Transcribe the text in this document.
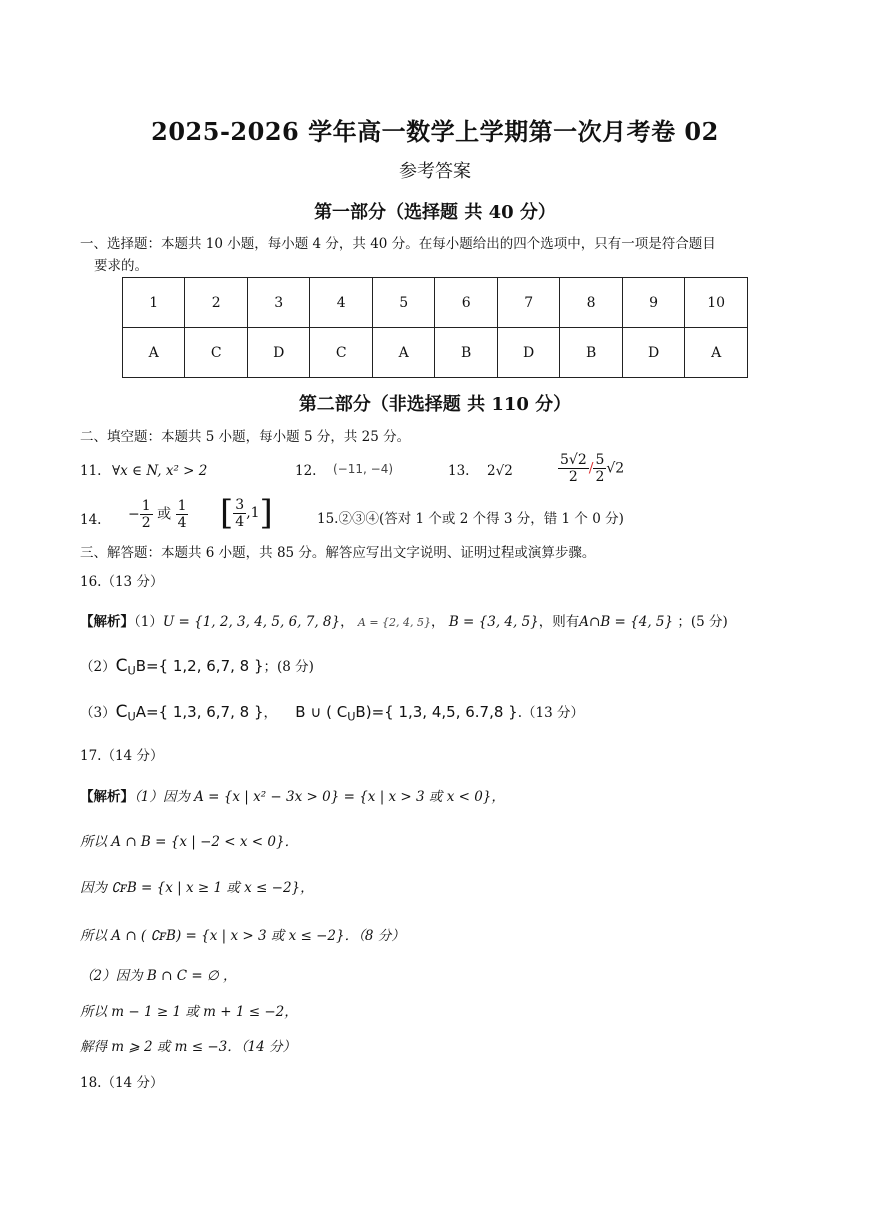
2025-2026 学年高一数学上学期第一次月考卷 02
参考答案
第一部分（选择题 共 40 分）
一、选择题：本题共 10 小题，每小题 4 分，共 40 分。在每小题给出的四个选项中，只有一项是符合题目
要求的。
1	2	3	4	5	6	7	8	9	10
A	C	D	C	A	B	D	B	D	A
第二部分（非选择题 共 110 分）
二、填空题：本题共 5 小题，每小题 5 分，共 25 分。
11. ∀x ∈ N, x² > 2	12. (−11, −4)	13. 2√2	$\frac{5√2}{2} / \frac{5}{2} √2$
14. − $\frac{1}{2}$ 或 $\frac{1}{4}$ [ $\frac{3}{4} ,1$]	15.②③④(答对 1 个或 2 个得 3 分，错 1 个 0 分)
三、解答题：本题共 6 小题，共 85 分。解答应写出文字说明、证明过程或演算步骤。
16.（13 分）
【解析】（1）U = {1, 2, 3, 4, 5, 6, 7, 8}， A = {2, 4, 5}， B = {3, 4, 5}，则有A∩B = {4, 5} ；(5 分)
$(2)C_UB=${ 1,2, 6,7, 8 }；(8 分)
$(3)C_UA=${ 1,3, 6,7, 8 }， B ∪ ( $C_UB)=${ 1,3, 4,5, 6.7,8 }.（13 分）
17.（14 分）
【解析】（1）因为 A = {x | x² − 3x > 0} = {x | x > 3 或 x < 0}，
所以 A ∩ B = {x | −2 < x < 0}．
因为 ∁ꜰB = {x | x ≥ 1 或 x ≤ −2}，
所以 A ∩ ( ∁ꜰB) = {x | x > 3 或 x ≤ −2}．（8 分）
（2）因为 B ∩ C = ∅ ，
所以 m − 1 ≥ 1 或 m + 1 ≤ −2，
解得 m ⩾ 2 或 m ≤ −3．（14 分）
18.（14 分）
